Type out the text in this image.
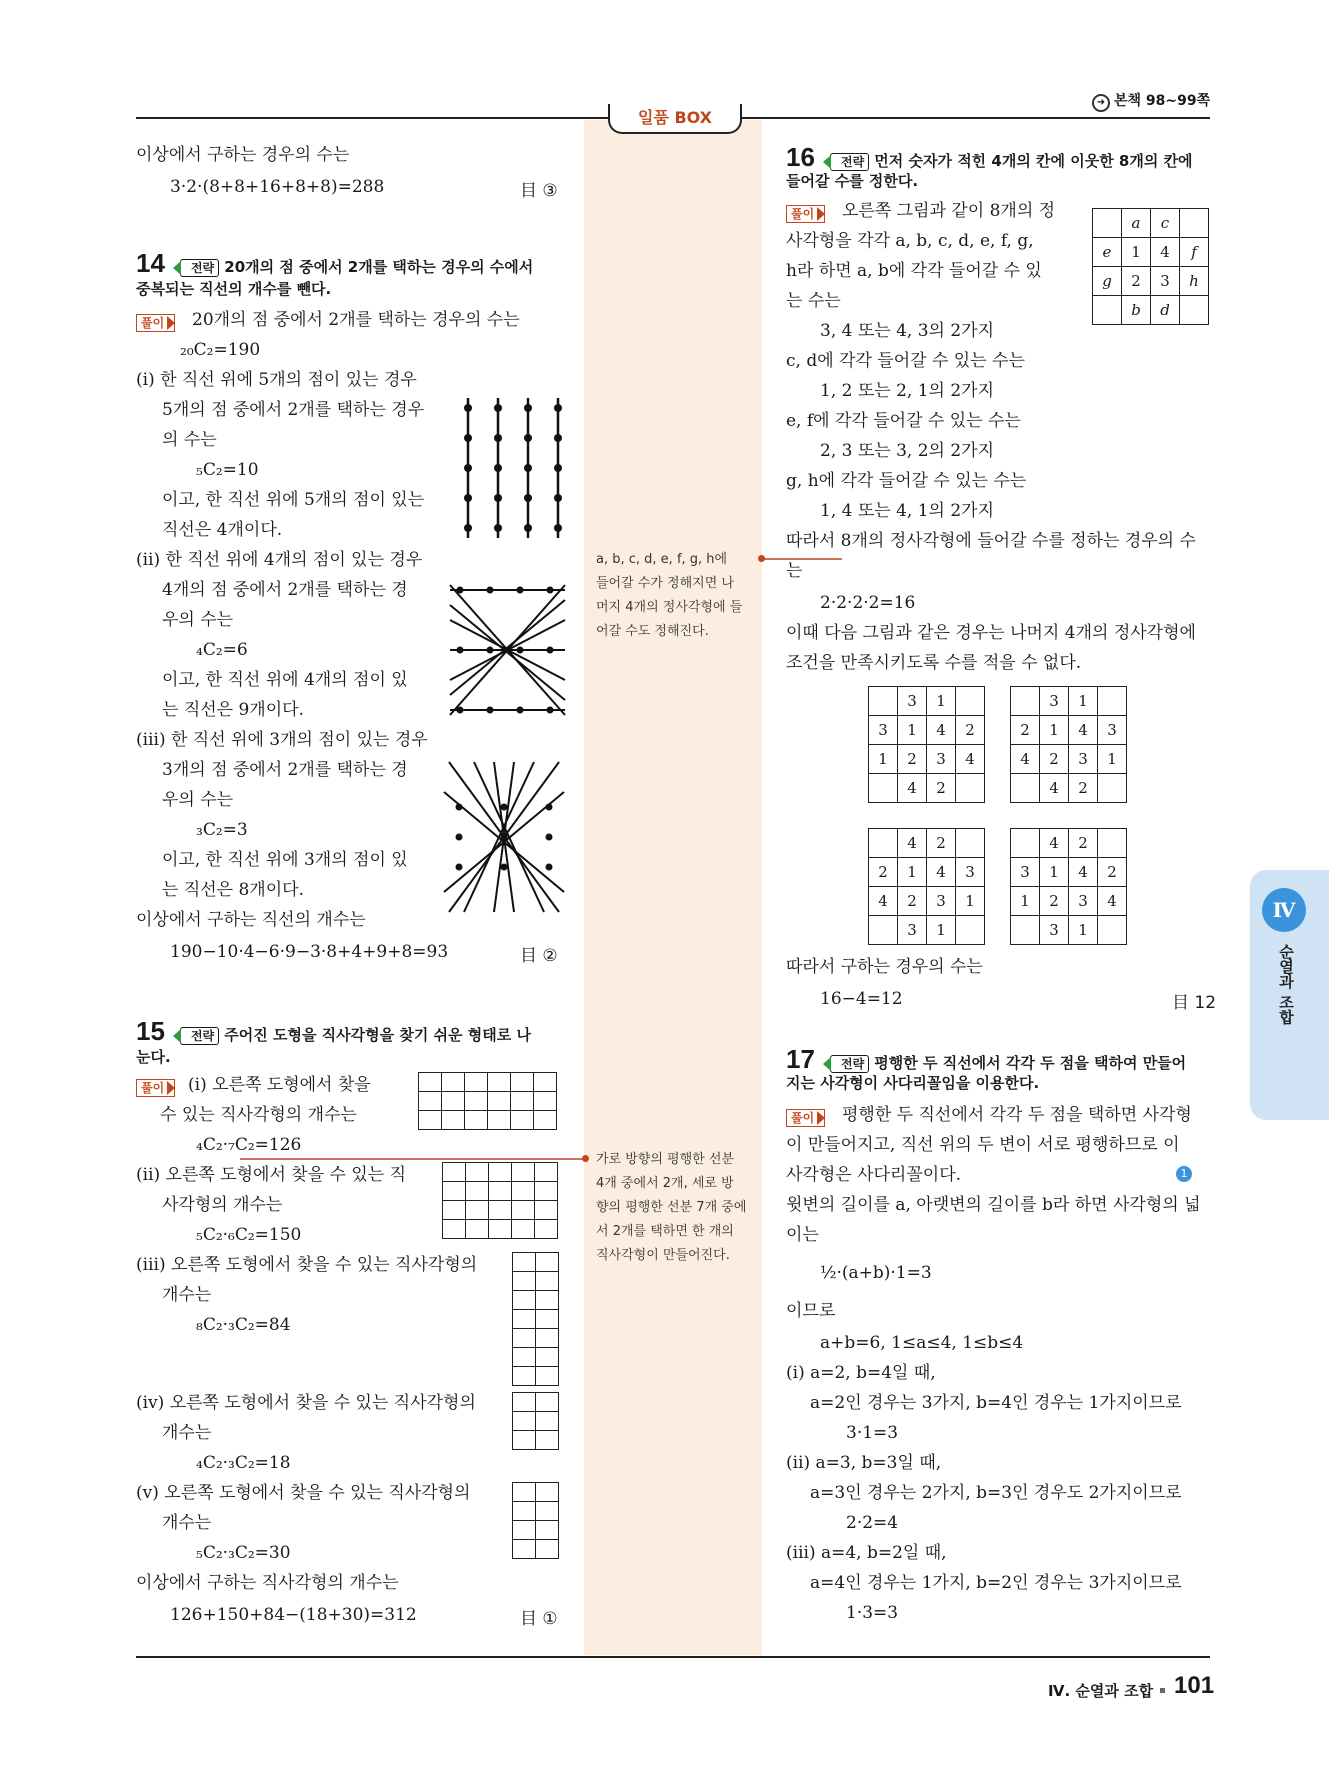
➜ 본책 98~99쪽
일품 BOX
이상에서 구하는 경우의 수는
3·2·(8+8+16+8+8)=288	目 ③
14 전략 20개의 점 중에서 2개를 택하는 경우의 수에서
중복되는 직선의 개수를 뺀다.
풀이	20개의 점 중에서 2개를 택하는 경우의 수는
₂₀C₂=190
(ⅰ) 한 직선 위에 5개의 점이 있는 경우
5개의 점 중에서 2개를 택하는 경우
의 수는
₅C₂=10
이고, 한 직선 위에 5개의 점이 있는
직선은 4개이다.
(ⅱ) 한 직선 위에 4개의 점이 있는 경우
4개의 점 중에서 2개를 택하는 경
우의 수는
₄C₂=6
이고, 한 직선 위에 4개의 점이 있
는 직선은 9개이다.
(ⅲ) 한 직선 위에 3개의 점이 있는 경우
3개의 점 중에서 2개를 택하는 경
우의 수는
₃C₂=3
이고, 한 직선 위에 3개의 점이 있
는 직선은 8개이다.
이상에서 구하는 직선의 개수는
190−10·4−6·9−3·8+4+9+8=93	目 ②
15 전략 주어진 도형을 직사각형을 찾기 쉬운 형태로 나
눈다.
풀이	(ⅰ) 오른쪽 도형에서 찾을
수 있는 직사각형의 개수는
₄C₂·₇C₂=126
(ⅱ) 오른쪽 도형에서 찾을 수 있는 직
사각형의 개수는
₅C₂·₆C₂=150
(ⅲ) 오른쪽 도형에서 찾을 수 있는 직사각형의
개수는
₈C₂·₃C₂=84
(ⅳ) 오른쪽 도형에서 찾을 수 있는 직사각형의
개수는
₄C₂·₃C₂=18
(ⅴ) 오른쪽 도형에서 찾을 수 있는 직사각형의
개수는
₅C₂·₃C₂=30
이상에서 구하는 직사각형의 개수는
126+150+84−(18+30)=312	目 ①

a, b, c, d, e, f, g, h에
들어갈 수가 정해지면 나
머지 4개의 정사각형에 들
어갈 수도 정해진다.
가로 방향의 평행한 선분
4개 중에서 2개, 세로 방
향의 평행한 선분 7개 중에
서 2개를 택하면 한 개의
직사각형이 만들어진다.
16 전략 먼저 숫자가 적힌 4개의 칸에 이웃한 8개의 칸에
들어갈 수를 정한다.
풀이	오른쪽 그림과 같이 8개의 정
사각형을 각각 a, b, c, d, e, f, g,
h라 하면 a, b에 각각 들어갈 수 있
는 수는
3, 4 또는 4, 3의 2가지
c, d에 각각 들어갈 수 있는 수는
1, 2 또는 2, 1의 2가지
e, f에 각각 들어갈 수 있는 수는
2, 3 또는 3, 2의 2가지
g, h에 각각 들어갈 수 있는 수는
1, 4 또는 4, 1의 2가지
따라서 8개의 정사각형에 들어갈 수를 정하는 경우의 수
는
2·2·2·2=16
이때 다음 그림과 같은 경우는 나머지 4개의 정사각형에
조건을 만족시키도록 수를 적을 수 없다.
따라서 구하는 경우의 수는
16−4=12	目 12
	a	c	
e	1	4	f
g	2	3	h
	b	d	
	3	1	
3	1	4	2
1	2	3	4
	4	2	
	3	1	
2	1	4	3
4	2	3	1
	4	2	
	4	2	
2	1	4	3
4	2	3	1
	3	1	
	4	2	
3	1	4	2
1	2	3	4
	3	1	
17 전략 평행한 두 직선에서 각각 두 점을 택하여 만들어
지는 사각형이 사다리꼴임을 이용한다.
풀이	평행한 두 직선에서 각각 두 점을 택하면 사각형
이 만들어지고, 직선 위의 두 변이 서로 평행하므로 이
사각형은 사다리꼴이다.	1
윗변의 길이를 a, 아랫변의 길이를 b라 하면 사각형의 넓
이는
½·(a+b)·1=3
이므로
a+b=6, 1≤a≤4, 1≤b≤4
(ⅰ) a=2, b=4일 때,
a=2인 경우는 3가지, b=4인 경우는 1가지이므로
3·1=3
(ⅱ) a=3, b=3일 때,
a=3인 경우는 2가지, b=3인 경우도 2가지이므로
2·2=4
(ⅲ) a=4, b=2일 때,
a=4인 경우는 1가지, b=2인 경우는 3가지이므로
1·3=3
Ⅳ
순열과 조합
Ⅳ. 순열과 조합 101
